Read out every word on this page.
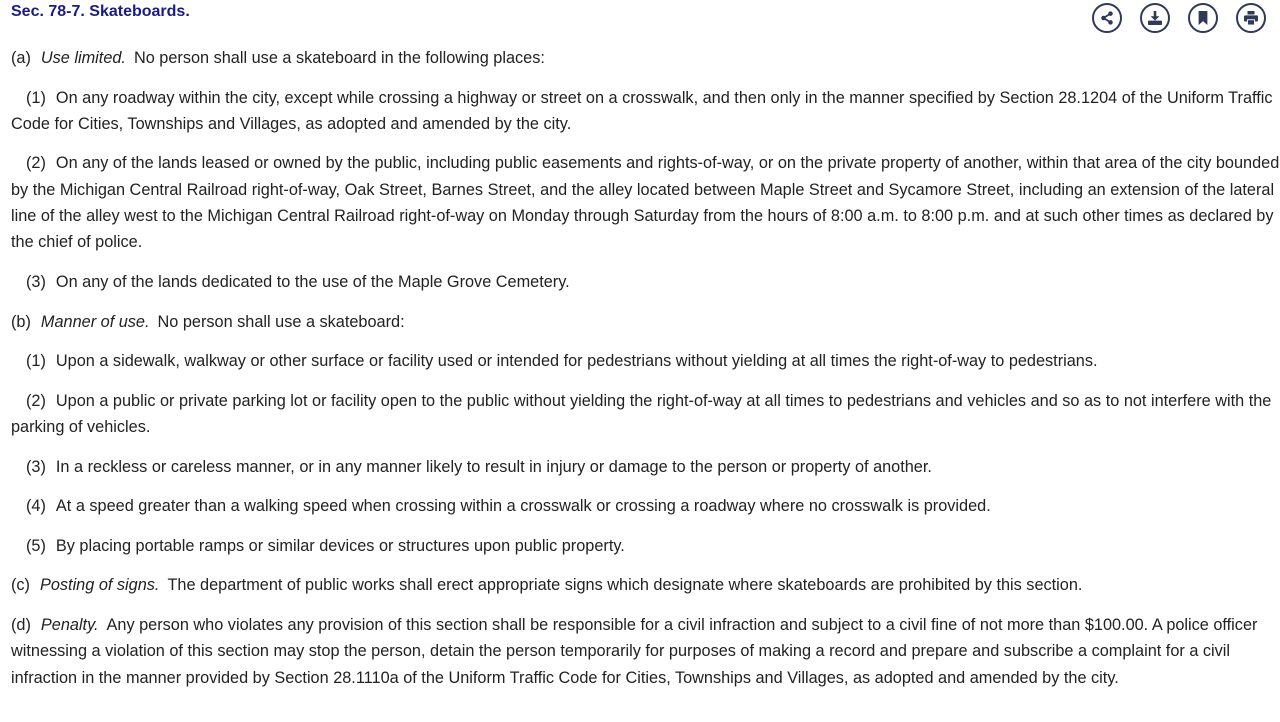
Sec. 78-7. Skateboards.

(a) Use limited. No person shall use a skateboard in the following places:

(1) On any roadway within the city, except while crossing a highway or street on a crosswalk, and then only in the manner specified by Section 28.1204 of the Uniform Traffic Code for Cities, Townships and Villages, as adopted and amended by the city.

(2) On any of the lands leased or owned by the public, including public easements and rights-of-way, or on the private property of another, within that area of the city bounded by the Michigan Central Railroad right-of-way, Oak Street, Barnes Street, and the alley located between Maple Street and Sycamore Street, including an extension of the lateral line of the alley west to the Michigan Central Railroad right-of-way on Monday through Saturday from the hours of 8:00 a.m. to 8:00 p.m. and at such other times as declared by the chief of police.

(3) On any of the lands dedicated to the use of the Maple Grove Cemetery.

(b) Manner of use. No person shall use a skateboard:

(1) Upon a sidewalk, walkway or other surface or facility used or intended for pedestrians without yielding at all times the right-of-way to pedestrians.

(2) Upon a public or private parking lot or facility open to the public without yielding the right-of-way at all times to pedestrians and vehicles and so as to not interfere with the parking of vehicles.

(3) In a reckless or careless manner, or in any manner likely to result in injury or damage to the person or property of another.

(4) At a speed greater than a walking speed when crossing within a crosswalk or crossing a roadway where no crosswalk is provided.

(5) By placing portable ramps or similar devices or structures upon public property.

(c) Posting of signs. The department of public works shall erect appropriate signs which designate where skateboards are prohibited by this section.

(d) Penalty. Any person who violates any provision of this section shall be responsible for a civil infraction and subject to a civil fine of not more than $100.00. A police officer witnessing a violation of this section may stop the person, detain the person temporarily for purposes of making a record and prepare and subscribe a complaint for a civil infraction in the manner provided by Section 28.1110a of the Uniform Traffic Code for Cities, Townships and Villages, as adopted and amended by the city.
